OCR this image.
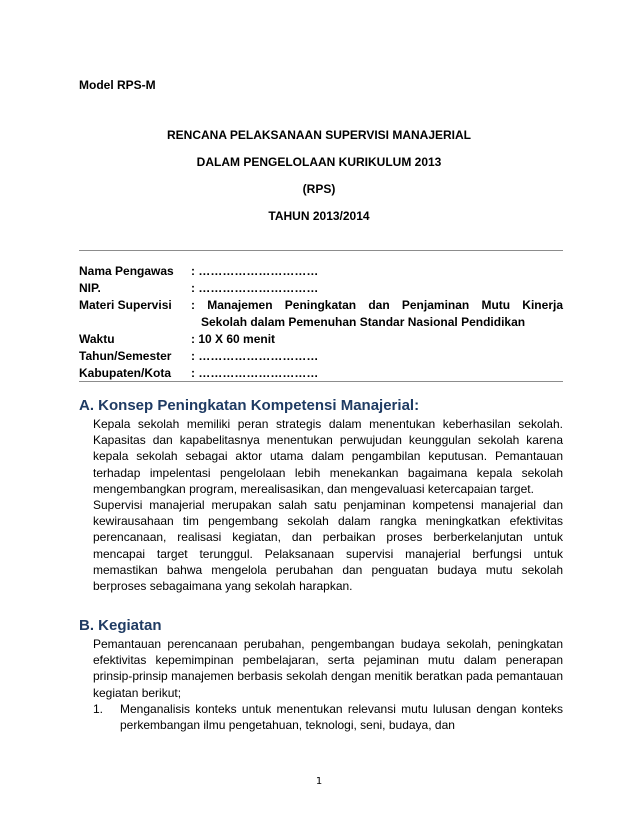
Model RPS-M
RENCANA PELAKSANAAN SUPERVISI MANAJERIAL
DALAM PENGELOLAAN KURIKULUM 2013
(RPS)
TAHUN 2013/2014
Nama Pengawas	: …………………………
NIP.	: …………………………
Materi Supervisi	: Manajemen Peningkatan dan Penjaminan Mutu Kinerja
Sekolah dalam Pemenuhan Standar Nasional Pendidikan
Waktu	: 10 X 60 menit
Tahun/Semester	: …………………………
Kabupaten/Kota	: …………………………
A. Konsep Peningkatan Kompetensi Manajerial:

Kepala sekolah memiliki peran strategis dalam menentukan keberhasilan sekolah. Kapasitas dan kapabelitasnya menentukan perwujudan keunggulan sekolah karena kepala sekolah sebagai aktor utama dalam pengambilan keputusan. Pemantauan terhadap impelentasi pengelolaan lebih menekankan bagaimana kepala sekolah mengembangkan program, merealisasikan, dan mengevaluasi ketercapaian target.

Supervisi manajerial merupakan salah satu penjaminan kompetensi manajerial dan kewirausahaan tim pengembang sekolah dalam rangka meningkatkan efektivitas perencanaan, realisasi kegiatan, dan perbaikan proses berberkelanjutan untuk mencapai target terunggul. Pelaksanaan supervisi manajerial berfungsi untuk memastikan bahwa mengelola perubahan dan penguatan budaya mutu sekolah berproses sebagaimana yang sekolah harapkan.

B. Kegiatan

Pemantauan perencanaan perubahan, pengembangan budaya sekolah, peningkatan efektivitas kepemimpinan pembelajaran, serta pejaminan mutu dalam penerapan prinsip-prinsip manajemen berbasis sekolah dengan menitik beratkan pada pemantauan kegiatan berikut;

1.	Menganalisis konteks untuk menentukan relevansi mutu lulusan dengan konteks perkembangan ilmu pengetahuan, teknologi, seni, budaya, dan
1
